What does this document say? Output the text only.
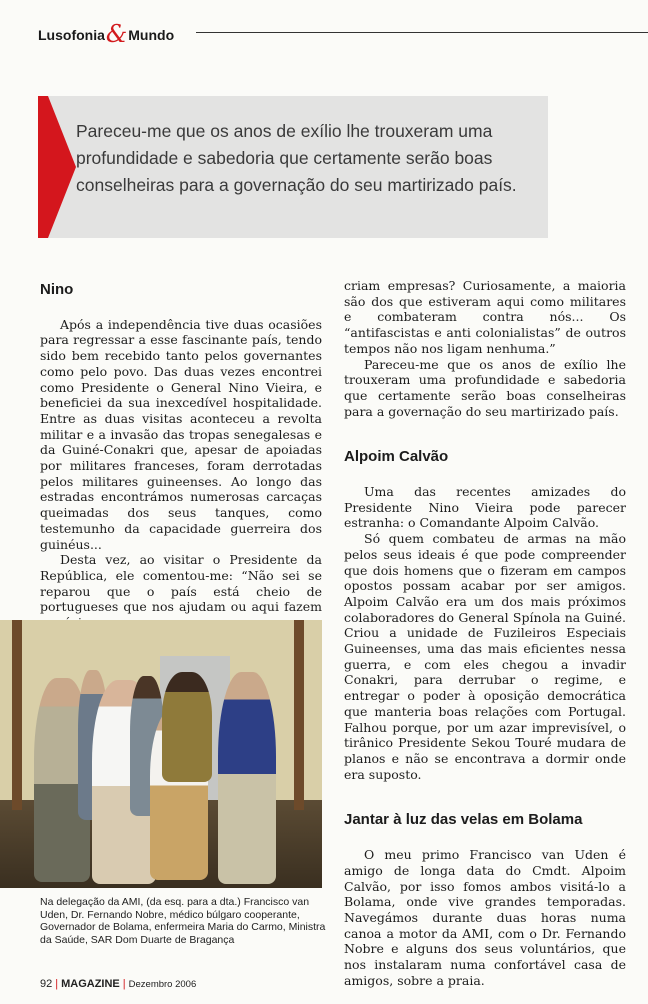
Lusofonia&Mundo
Pareceu-me que os anos de exílio lhe trouxeram uma profundidade e sabedoria que certamente serão boas conselheiras para a governação do seu martirizado país.
Nino

Após a independência tive duas ocasiões para regressar a esse fascinante país, tendo sido bem recebido tanto pelos governantes como pelo povo. Das duas vezes encontrei como Presidente o General Nino Vieira, e beneficiei da sua inexcedível hospitalidade. Entre as duas visitas aconteceu a revolta militar e a invasão das tropas senegalesas e da Guiné-Conakri que, apesar de apoiadas por militares franceses, foram derrotadas pelos militares guineenses. Ao longo das estradas encontrámos numerosas carcaças queimadas dos seus tanques, como testemunho da capacidade guerreira dos guinéus...

Desta vez, ao visitar o Presidente da República, ele comentou-me: “Não sei se reparou que o país está cheio de portugueses que nos ajudam ou aqui fazem

Na delegação da AMI, (da esq. para a dta.) Francisco van Uden, Dr. Fernando Nobre, médico búlgaro cooperante, Governador de Bolama, enfermeira Maria do Carmo, Ministra da Saúde, SAR Dom Duarte de Bragança

criam empresas? Curiosamente, a maioria são dos que estiveram aqui como militares e combateram contra nós... Os “antifascistas e anti colonialistas” de outros tempos não nos ligam nenhuma.”

Pareceu-me que os anos de exílio lhe trouxeram uma profundidade e sabedoria que certamente serão boas conselheiras para a governação do seu martirizado país.

Alpoim Calvão

Uma das recentes amizades do Presidente Nino Vieira pode parecer estranha: o Comandante Alpoim Calvão.

Só quem combateu de armas na mão pelos seus ideais é que pode compreender que dois homens que o fizeram em campos opostos possam acabar por ser amigos. Alpoim Calvão era um dos mais próximos colaboradores do General Spínola na Guiné. Criou a unidade de Fuzileiros Especiais Guineenses, uma das mais eficientes nessa guerra, e com eles chegou a invadir Conakri, para derrubar o regime, e entregar o poder à oposição democrática que manteria boas relações com Portugal. Falhou porque, por um azar imprevisível, o tirânico Presidente Sekou Touré mudara de planos e não se encontrava a dormir onde era suposto.

Jantar à luz das velas em Bolama

O meu primo Francisco van Uden é amigo de longa data do Cmdt. Alpoim Calvão, por isso fomos ambos visitá-lo a Bolama, onde vive grandes temporadas. Navegámos durante duas horas numa canoa a motor da AMI, com o Dr. Fernando Nobre e alguns dos seus voluntários, que nos instalaram numa confortável casa de amigos, sobre a praia.

92 | MAGAZINE | Dezembro 2006
